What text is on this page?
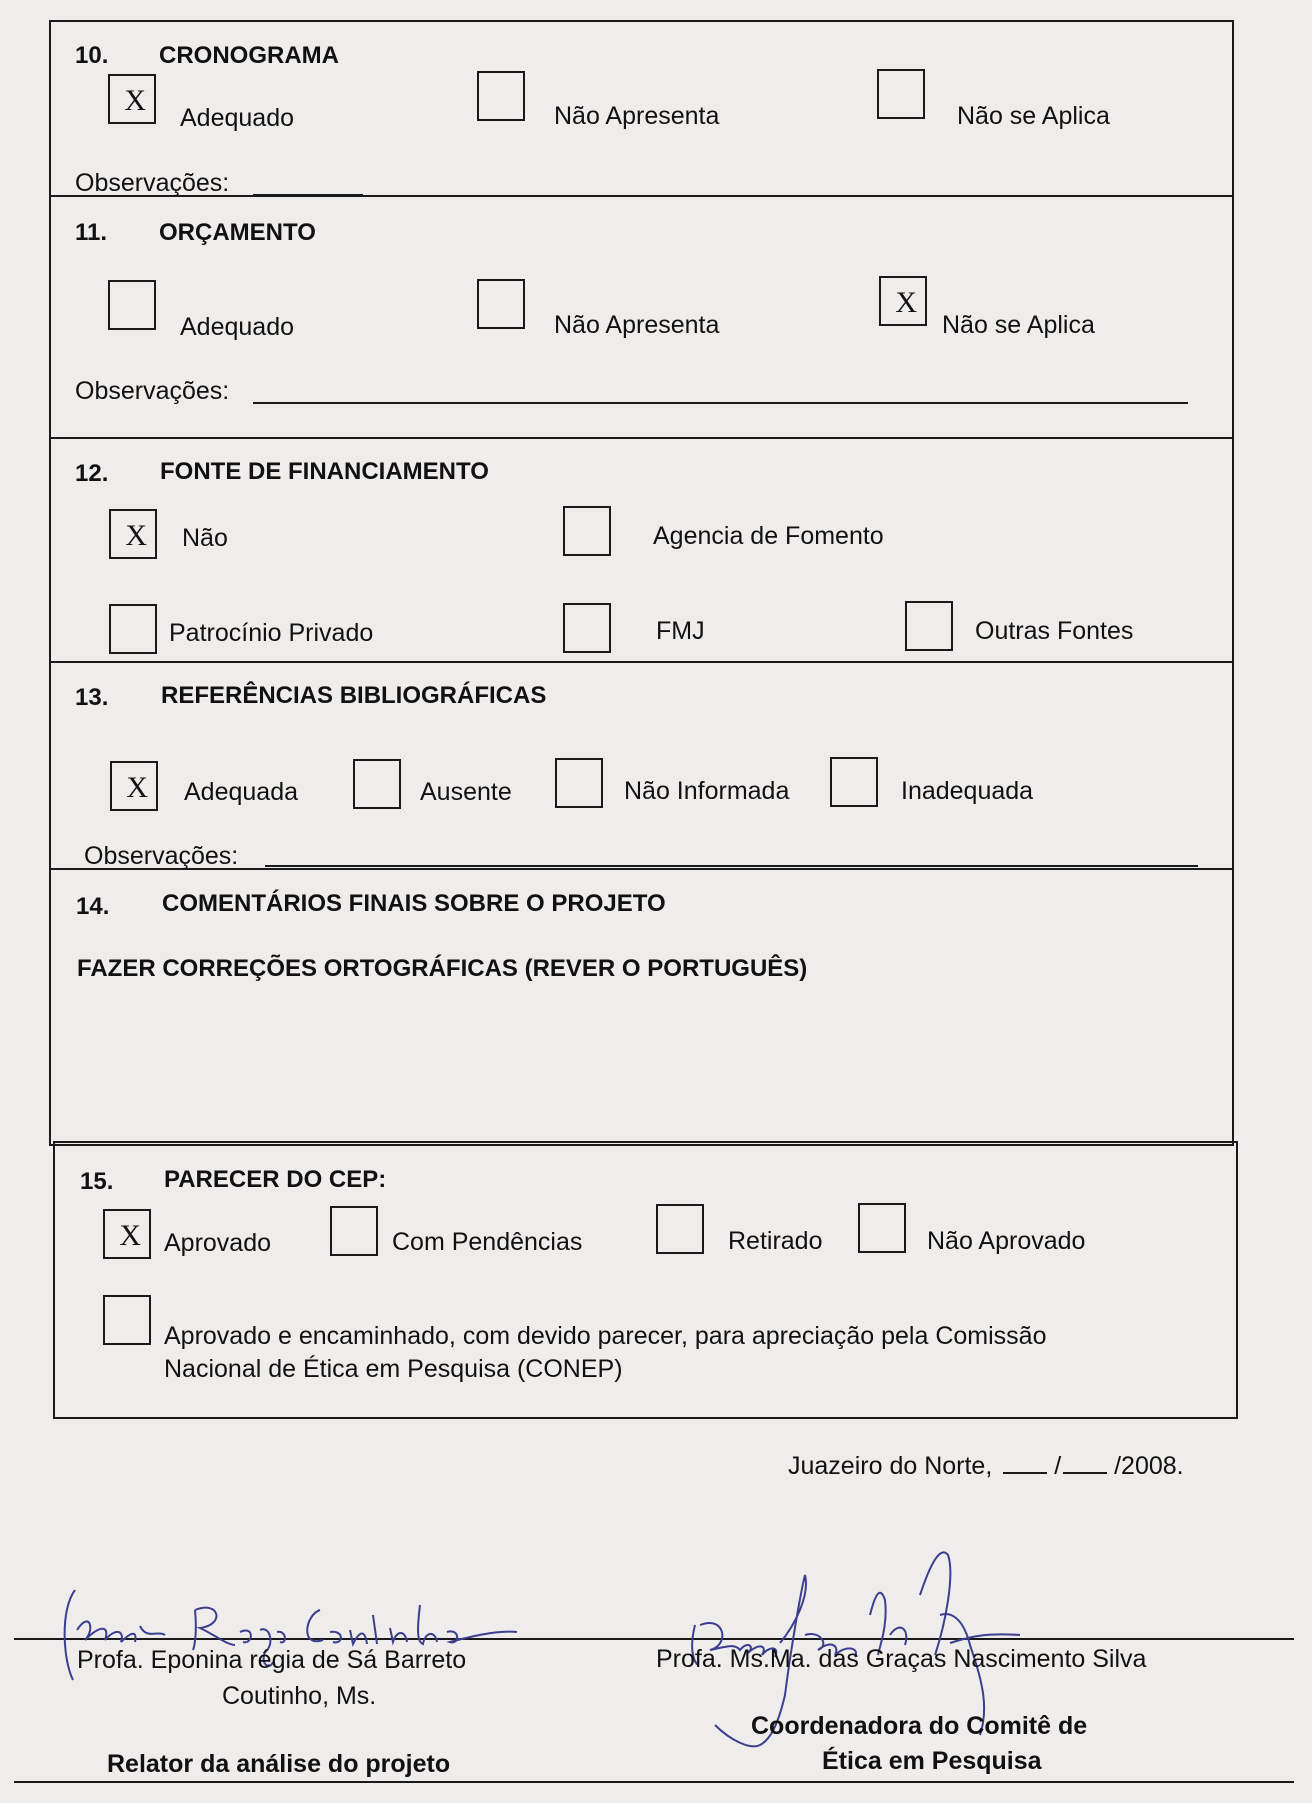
10. CRONOGRAMA
X
Adequado	Não Apresenta	Não se Aplica
Observações:
11. ORÇAMENTO
Adequado	Não Apresenta
X
Não se Aplica
Observações:
12. FONTE DE FINANCIAMENTO
X	Não	Agencia de Fomento
Patrocínio Privado	FMJ	Outras Fontes
13. REFERÊNCIAS BIBLIOGRÁFICAS
X	Adequada	Ausente	Não Informada	Inadequada
Observações:
14. COMENTÁRIOS FINAIS SOBRE O PROJETO
FAZER CORREÇÕES ORTOGRÁFICAS (REVER O PORTUGUÊS)
15. PARECER DO CEP:
X Aprovado	Com Pendências	Retirado	Não Aprovado
Aprovado e encaminhado, com devido parecer, para apreciação pela Comissão
Nacional de Ética em Pesquisa (CONEP)
Juazeiro do Norte, / /2008.
Profa. Eponina régia de Sá Barreto
Coutinho, Ms.
Relator da análise do projeto
Profa. Ms.Ma. das Graças Nascimento Silva
Coordenadora do Comitê de
Ética em Pesquisa
